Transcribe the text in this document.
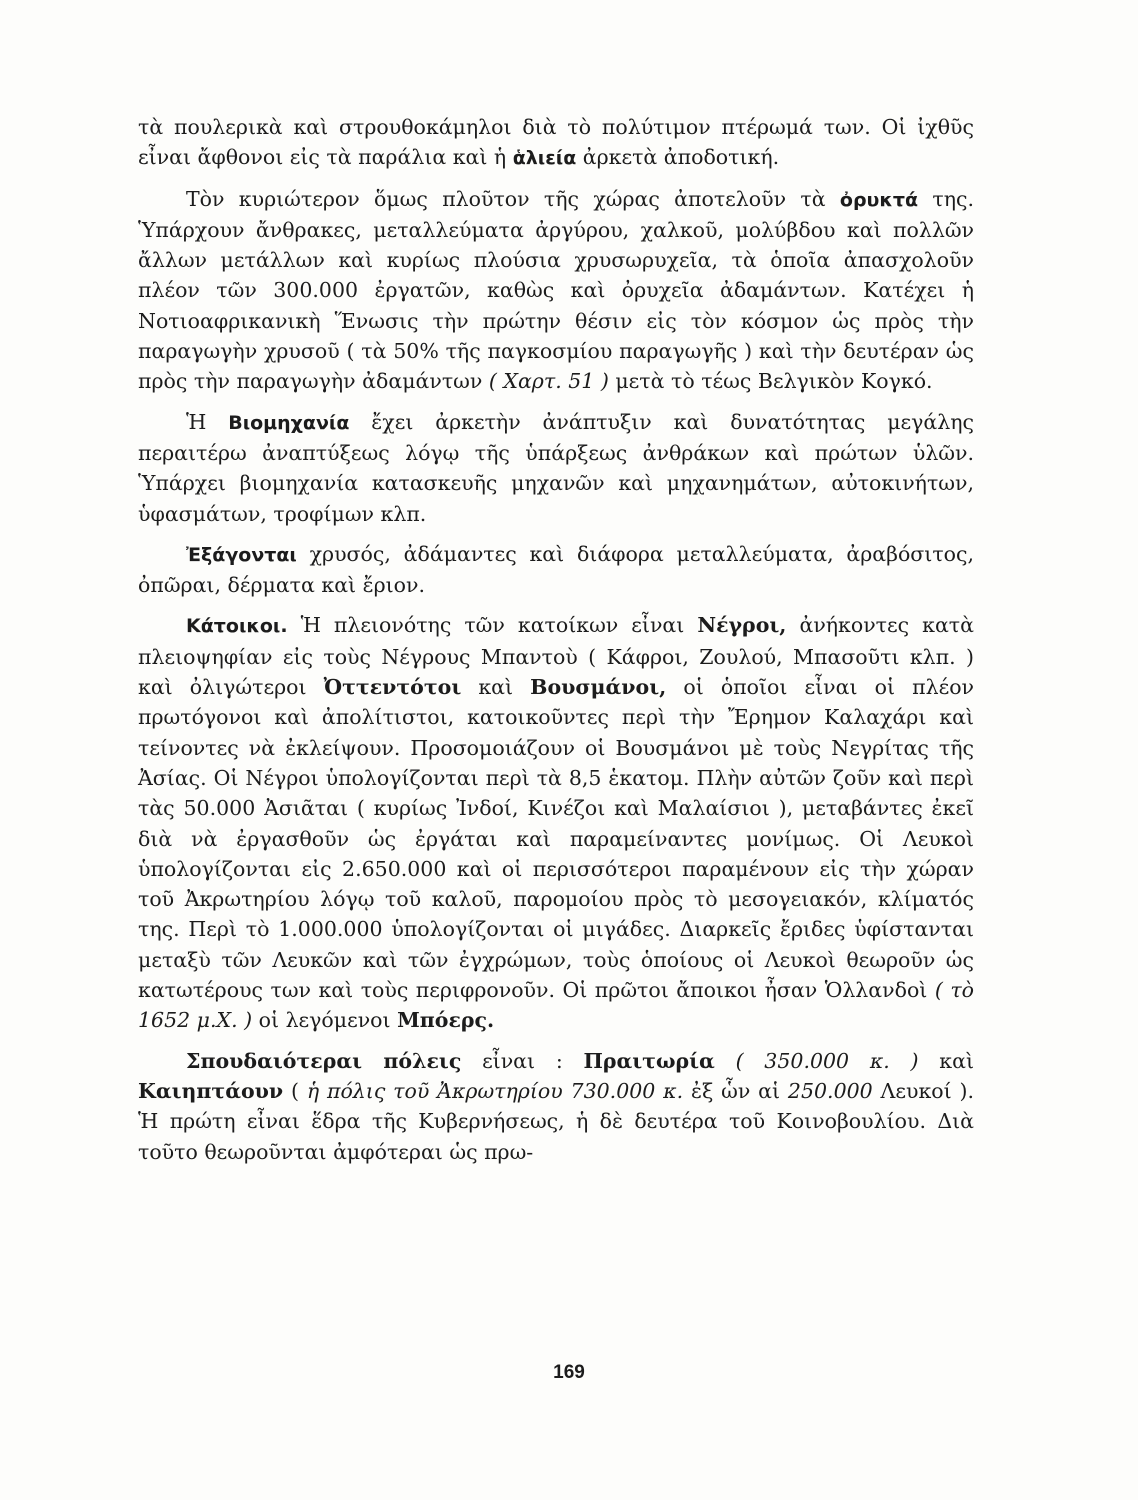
τὰ πουλερικὰ καὶ στρουθοκάμηλοι διὰ τὸ πολύτιμον πτέρωμά των. Οἱ ἰχθῦς εἶναι ἄφθονοι εἰς τὰ παράλια καὶ ἡ ἁλιεία ἀρκετὰ ἀποδοτική.

Τὸν κυριώτερον ὅμως πλοῦτον τῆς χώρας ἀποτελοῦν τὰ ὀρυκτά της. Ὑπάρχουν ἄνθρακες, μεταλλεύματα ἀργύρου, χαλκοῦ, μολύβδου καὶ πολλῶν ἄλλων μετάλλων καὶ κυρίως πλούσια χρυσωρυχεῖα, τὰ ὁποῖα ἀπασχολοῦν πλέον τῶν 300.000 ἐργατῶν, καθὼς καὶ ὀρυχεῖα ἀδαμάντων. Κατέχει ἡ Νοτιοαφρικανικὴ Ἕνωσις τὴν πρώτην θέσιν εἰς τὸν κόσμον ὡς πρὸς τὴν παραγωγὴν χρυσοῦ ( τὰ 50% τῆς παγκοσμίου παραγωγῆς ) καὶ τὴν δευτέραν ὡς πρὸς τὴν παραγωγὴν ἀδαμάντων ( Χαρτ. 51 ) μετὰ τὸ τέως Βελγικὸν Κογκό.

Ἡ Βιομηχανία ἔχει ἀρκετὴν ἀνάπτυξιν καὶ δυνατότητας μεγάλης περαιτέρω ἀναπτύξεως λόγῳ τῆς ὑπάρξεως ἀνθράκων καὶ πρώτων ὑλῶν. Ὑπάρχει βιομηχανία κατασκευῆς μηχανῶν καὶ μηχανημάτων, αὐτοκινήτων, ὑφασμάτων, τροφίμων κλπ.

Ἐξάγονται χρυσός, ἀδάμαντες καὶ διάφορα μεταλλεύματα, ἀραβόσιτος, ὀπῶραι, δέρματα καὶ ἔριον.

Κάτοικοι. Ἡ πλειονότης τῶν κατοίκων εἶναι Νέγροι, ἀνήκοντες κατὰ πλειοψηφίαν εἰς τοὺς Νέγρους Μπαντοὺ ( Κάφροι, Ζουλού, Μπασοῦτι κλπ. ) καὶ ὀλιγώτεροι Ὀττεντότοι καὶ Βουσμάνοι, οἱ ὁποῖοι εἶναι οἱ πλέον πρωτόγονοι καὶ ἀπολίτιστοι, κατοικοῦντες περὶ τὴν Ἔρημον Καλαχάρι καὶ τείνοντες νὰ ἐκλείψουν. Προσομοιάζουν οἱ Βουσμάνοι μὲ τοὺς Νεγρίτας τῆς Ἀσίας. Οἱ Νέγροι ὑπολογίζονται περὶ τὰ 8,5 ἑκατομ. Πλὴν αὐτῶν ζοῦν καὶ περὶ τὰς 50.000 Ἀσιᾶται ( κυρίως Ἰνδοί, Κινέζοι καὶ Μαλαίσιοι ), μεταβάντες ἐκεῖ διὰ νὰ ἐργασθοῦν ὡς ἐργάται καὶ παραμείναντες μονίμως. Οἱ Λευκοὶ ὑπολογίζονται εἰς 2.650.000 καὶ οἱ περισσότεροι παραμένουν εἰς τὴν χώραν τοῦ Ἀκρωτηρίου λόγῳ τοῦ καλοῦ, παρομοίου πρὸς τὸ μεσογειακόν, κλίματός της. Περὶ τὸ 1.000.000 ὑπολογίζονται οἱ μιγάδες. Διαρκεῖς ἔριδες ὑφίστανται μεταξὺ τῶν Λευκῶν καὶ τῶν ἐγχρώμων, τοὺς ὁποίους οἱ Λευκοὶ θεωροῦν ὡς κατωτέρους των καὶ τοὺς περιφρονοῦν. Οἱ πρῶτοι ἄποικοι ἦσαν Ὁλλανδοὶ ( τὸ 1652 μ.Χ. ) οἱ λεγόμενοι Μπόερς.

Σπουδαιότεραι πόλεις εἶναι : Πραιτωρία ( 350.000 κ. ) καὶ Καιηπτάουν ( ἡ πόλις τοῦ Ἀκρωτηρίου 730.000 κ. ἐξ ὧν αἱ 250.000 Λευκοί ). Ἡ πρώτη εἶναι ἕδρα τῆς Κυβερνήσεως, ἡ δὲ δευτέρα τοῦ Κοινοβουλίου. Διὰ τοῦτο θεωροῦνται ἀμφότεραι ὡς πρω-

169
